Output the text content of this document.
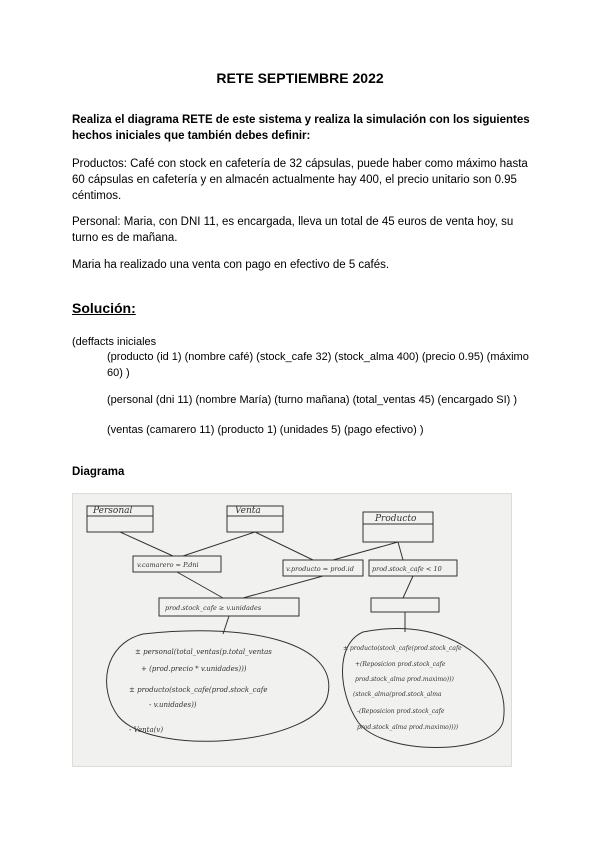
RETE SEPTIEMBRE 2022
Realiza el diagrama RETE de este sistema y realiza la simulación con los siguientes hechos iniciales que también debes definir:
Productos: Café con stock en cafetería de 32 cápsulas, puede haber como máximo hasta 60 cápsulas en cafetería y en almacén actualmente hay 400, el precio unitario son 0.95 céntimos.
Personal: Maria, con DNI 11, es encargada, lleva un total de 45 euros de venta hoy, su turno es de mañana.
Maria ha realizado una venta con pago en efectivo de 5 cafés.
Solución:
(deffacts iniciales
(producto (id 1) (nombre café) (stock_cafe 32) (stock_alma 400) (precio 0.95) (máximo 60) )
(personal (dni 11) (nombre María) (turno mañana) (total_ventas 45) (encargado SI) )
(ventas (camarero 11) (producto 1) (unidades 5) (pago efectivo) )
Diagrama
Personal	Venta
Producto
v.camarero = P.dni	v.producto = prod.id	prod.stock_cafe < 10
prod.stock_cafe ≥ v.unidades
± personal(total_ventas(p.total_ventas
+ (prod.precio * v.unidades)))
± producto(stock_cafe(prod.stock_cafe
- v.unidades))
- Venta(v)
± producto(stock_cafe(prod.stock_cafe
+(Reposicion prod.stock_cafe
prod.stock_alma prod.maximo)))
(stock_alma(prod.stock_alma
-(Reposicion prod.stock_cafe
prod.stock_alma prod.maximo))))
